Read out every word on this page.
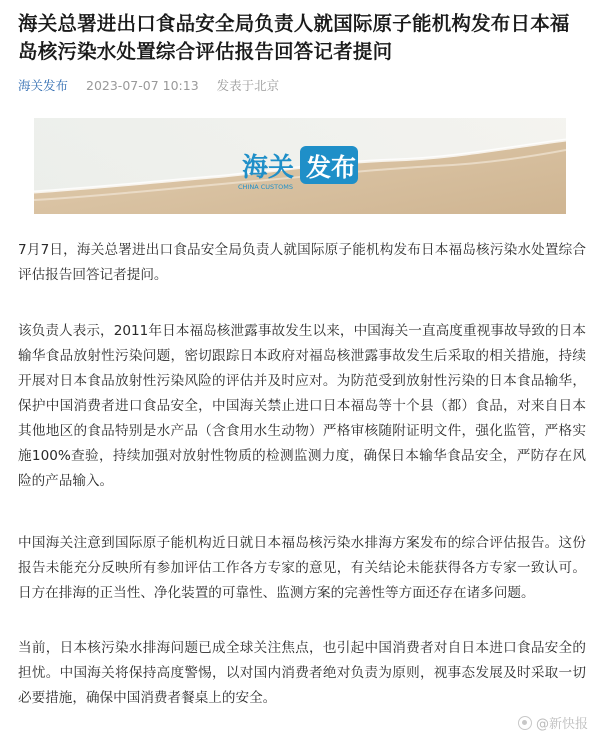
海关总署进出口食品安全局负责人就国际原子能机构发布日本福岛核污染水处置综合评估报告回答记者提问
海关发布 2023-07-07 10:13 发表于北京
海关
CHINA CUSTOMS
发布
7月7日，海关总署进出口食品安全局负责人就国际原子能机构发布日本福岛核污染水处置综合评估报告回答记者提问。
该负责人表示，2011年日本福岛核泄露事故发生以来，中国海关一直高度重视事故导致的日本输华食品放射性污染问题，密切跟踪日本政府对福岛核泄露事故发生后采取的相关措施，持续开展对日本食品放射性污染风险的评估并及时应对。为防范受到放射性污染的日本食品输华，保护中国消费者进口食品安全，中国海关禁止进口日本福岛等十个县（都）食品，对来自日本其他地区的食品特别是水产品（含食用水生动物）严格审核随附证明文件，强化监管，严格实施100%查验，持续加强对放射性物质的检测监测力度，确保日本输华食品安全，严防存在风险的产品输入。
中国海关注意到国际原子能机构近日就日本福岛核污染水排海方案发布的综合评估报告。这份报告未能充分反映所有参加评估工作各方专家的意见，有关结论未能获得各方专家一致认可。日方在排海的正当性、净化装置的可靠性、监测方案的完善性等方面还存在诸多问题。
当前，日本核污染水排海问题已成全球关注焦点，也引起中国消费者对自日本进口食品安全的担忧。中国海关将保持高度警惕，以对国内消费者绝对负责为原则，视事态发展及时采取一切必要措施，确保中国消费者餐桌上的安全。
@新快报
